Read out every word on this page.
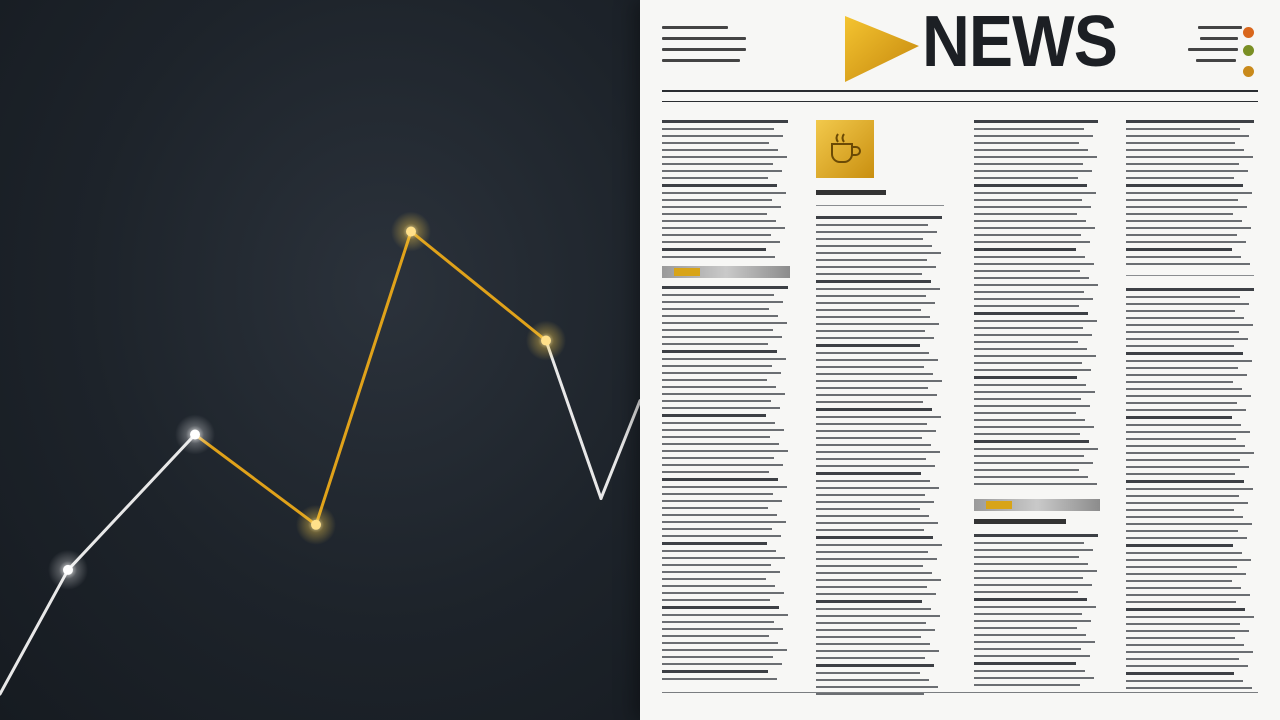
NEWS
